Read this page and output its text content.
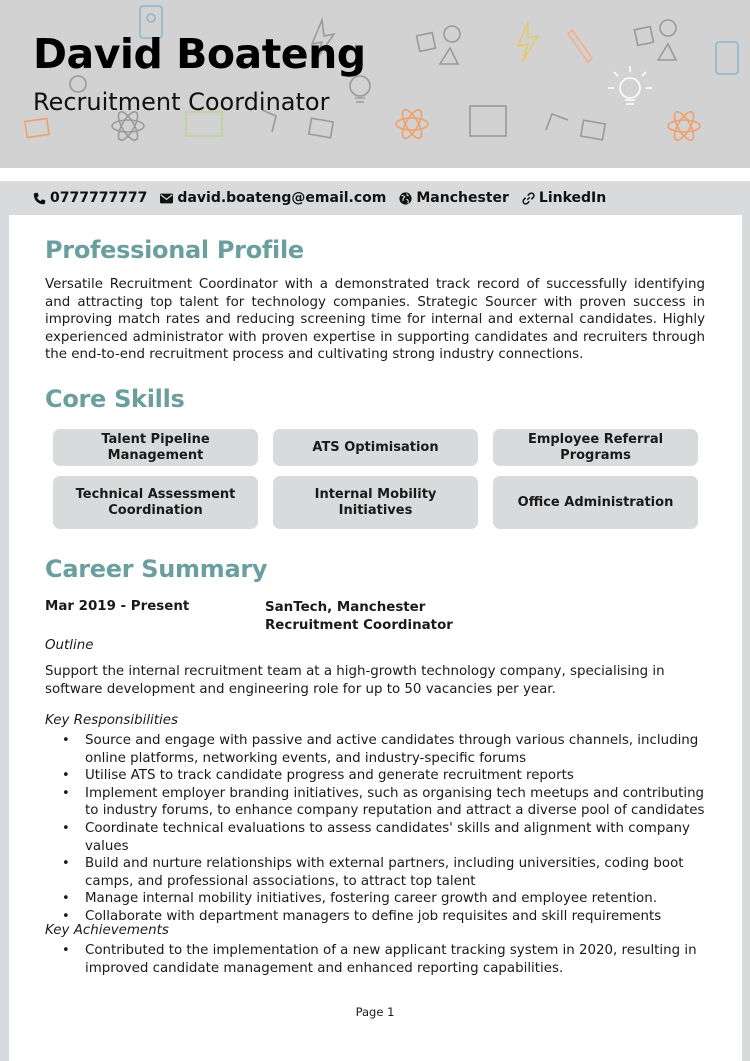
David Boateng
Recruitment Coordinator
0777777777 david.boateng@email.com Manchester LinkedIn
Professional Profile

Versatile Recruitment Coordinator with a demonstrated track record of successfully identifying and attracting top talent for technology companies. Strategic Sourcer with proven success in improving match rates and reducing screening time for internal and external candidates. Highly experienced administrator with proven expertise in supporting candidates and recruiters through the end-to-end recruitment process and cultivating strong industry connections.

Core Skills
Talent Pipeline Management
ATS Optimisation
Employee Referral Programs
Technical Assessment Coordination
Internal Mobility Initiatives
Office Administration
Career Summary
Mar 2019 - Present	SanTech, Manchester
Recruitment Coordinator
Outline

Support the internal recruitment team at a high-growth technology company, specialising in software development and engineering role for up to 50 vacancies per year.

Key Responsibilities
• Source and engage with passive and active candidates through various channels, including online platforms, networking events, and industry-specific forums
• Utilise ATS to track candidate progress and generate recruitment reports
• Implement employer branding initiatives, such as organising tech meetups and contributing to industry forums, to enhance company reputation and attract a diverse pool of candidates
• Coordinate technical evaluations to assess candidates' skills and alignment with company values
• Build and nurture relationships with external partners, including universities, coding boot camps, and professional associations, to attract top talent
• Manage internal mobility initiatives, fostering career growth and employee retention.
• Collaborate with department managers to define job requisites and skill requirements
Key Achievements
• Contributed to the implementation of a new applicant tracking system in 2020, resulting in improved candidate management and enhanced reporting capabilities.
Page 1
